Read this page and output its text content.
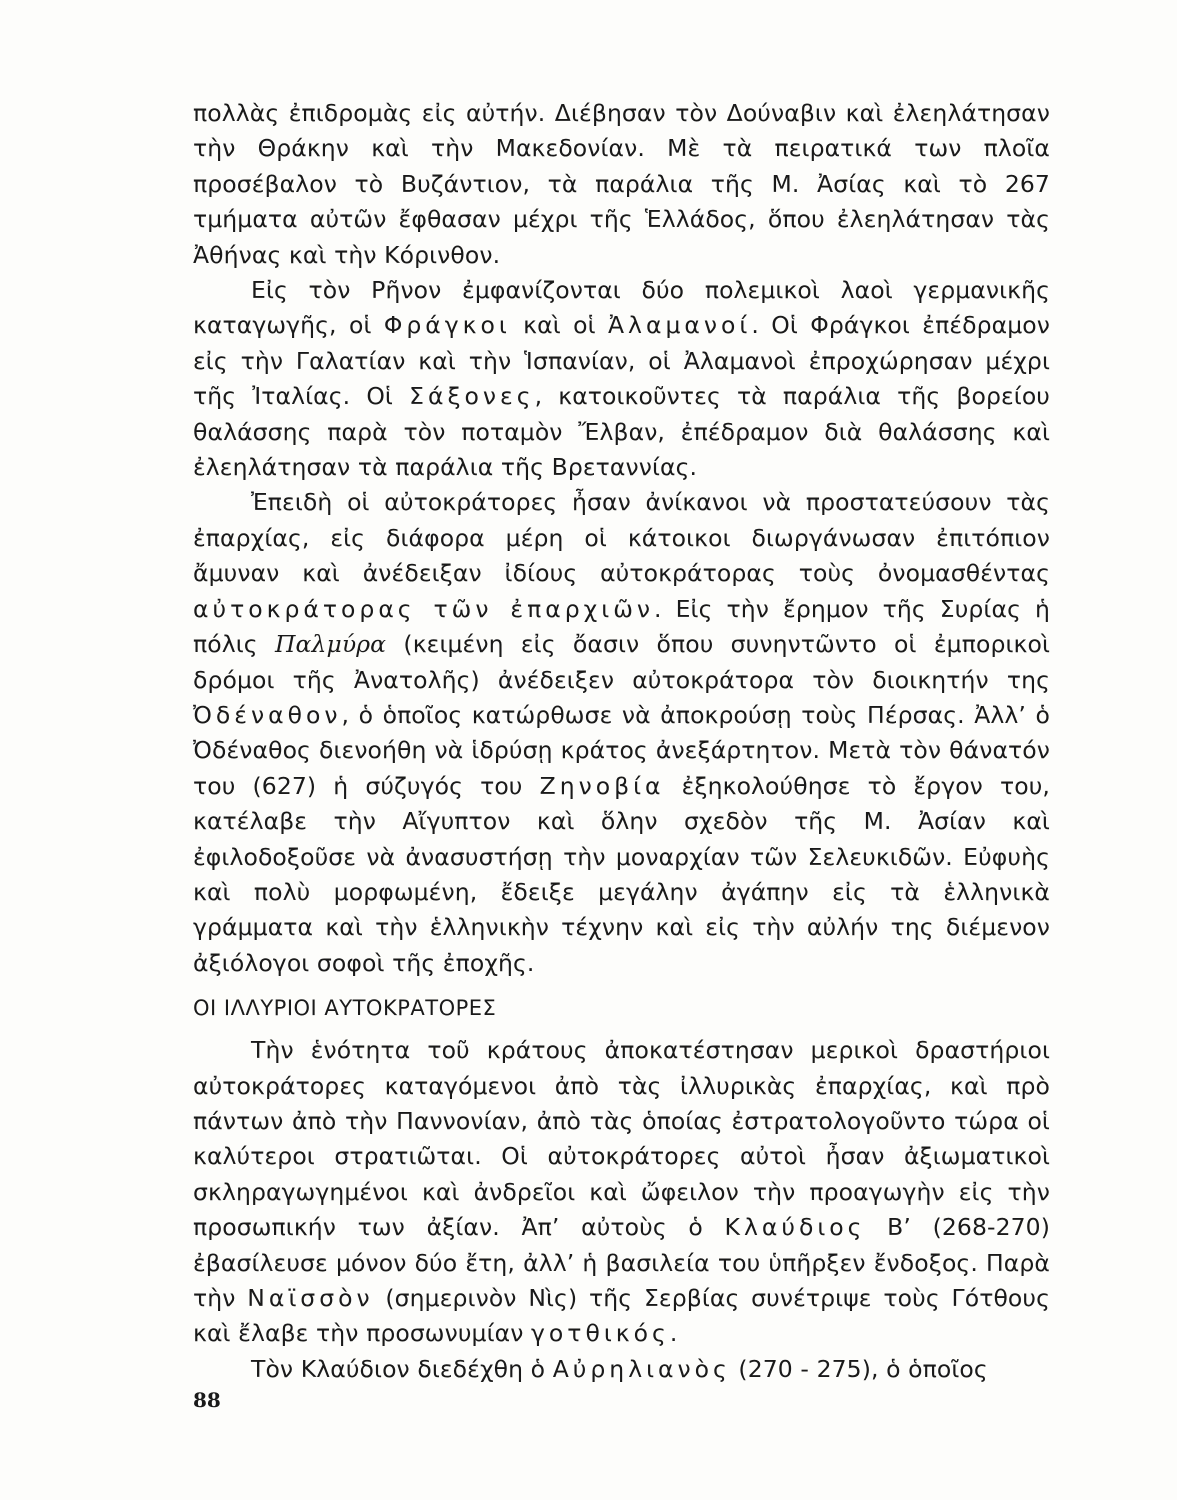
πολλὰς ἐπιδρομὰς εἰς αὐτήν. Διέβησαν τὸν Δούναβιν καὶ ἐλεηλάτησαν τὴν Θράκην καὶ τὴν Μακεδονίαν. Μὲ τὰ πειρατικά των πλοῖα προσέβαλον τὸ Βυζάντιον, τὰ παράλια τῆς Μ. Ἀσίας καὶ τὸ 267 τμήματα αὐτῶν ἔφθασαν μέχρι τῆς Ἑλλάδος, ὅπου ἐλεηλάτησαν τὰς Ἀθήνας καὶ τὴν Κόρινθον.

Εἰς τὸν Ρῆνον ἐμφανίζονται δύο πολεμικοὶ λαοὶ γερμανικῆς καταγωγῆς, οἱ Φράγκοι καὶ οἱ Ἀλαμανοί. Οἱ Φράγκοι ἐπέδραμον εἰς τὴν Γαλατίαν καὶ τὴν Ἱσπανίαν, οἱ Ἀλαμανοὶ ἐπροχώρησαν μέχρι τῆς Ἰταλίας. Οἱ Σάξονες, κατοικοῦντες τὰ παράλια τῆς βορείου θαλάσσης παρὰ τὸν ποταμὸν Ἔλβαν, ἐπέδραμον διὰ θαλάσσης καὶ ἐλεηλάτησαν τὰ παράλια τῆς Βρεταννίας.

Ἐπειδὴ οἱ αὐτοκράτορες ἦσαν ἀνίκανοι νὰ προστατεύσουν τὰς ἐπαρχίας, εἰς διάφορα μέρη οἱ κάτοικοι διωργάνωσαν ἐπιτόπιον ἄμυναν καὶ ἀνέδειξαν ἰδίους αὐτοκράτορας τοὺς ὀνομασθέντας αὐτοκράτορας τῶν ἐπαρχιῶν. Εἰς τὴν ἔρημον τῆς Συρίας ἡ πόλις Παλμύρα (κειμένη εἰς ὄασιν ὅπου συνηντῶντο οἱ ἐμπορικοὶ δρόμοι τῆς Ἀνατολῆς) ἀνέδειξεν αὐτοκράτορα τὸν διοικητήν της Ὀδέναθον, ὁ ὁποῖος κατώρθωσε νὰ ἀποκρούσῃ τοὺς Πέρσας. Ἀλλ’ ὁ Ὀδέναθος διενοήθη νὰ ἱδρύσῃ κράτος ἀνεξάρτητον. Μετὰ τὸν θάνατόν του (627) ἡ σύζυγός του Ζηνοβία ἐξηκολούθησε τὸ ἔργον του, κατέλαβε τὴν Αἴγυπτον καὶ ὅλην σχεδὸν τῆς Μ. Ἀσίαν καὶ ἐφιλοδοξοῦσε νὰ ἀνασυστήσῃ τὴν μοναρχίαν τῶν Σελευκιδῶν. Εὐφυὴς καὶ πολὺ μορφωμένη, ἔδειξε μεγάλην ἀγάπην εἰς τὰ ἑλληνικὰ γράμματα καὶ τὴν ἑλληνικὴν τέχνην καὶ εἰς τὴν αὐλήν της διέμενον ἀξιόλογοι σοφοὶ τῆς ἐποχῆς.

ΟΙ ΙΛΛΥΡΙΟΙ ΑΥΤΟΚΡΑΤΟΡΕΣ

Τὴν ἑνότητα τοῦ κράτους ἀποκατέστησαν μερικοὶ δραστήριοι αὐτοκράτορες καταγόμενοι ἀπὸ τὰς ἰλλυρικὰς ἐπαρχίας, καὶ πρὸ πάντων ἀπὸ τὴν Παννονίαν, ἀπὸ τὰς ὁποίας ἐστρατολογοῦντο τώρα οἱ καλύτεροι στρατιῶται. Οἱ αὐτοκράτορες αὐτοὶ ἦσαν ἀξιωματικοὶ σκληραγωγημένοι καὶ ἀνδρεῖοι καὶ ὤφειλον τὴν προαγωγὴν εἰς τὴν προσωπικήν των ἀξίαν. Ἀπ’ αὐτοὺς ὁ Κλαύδιος Β’ (268-270) ἐβασίλευσε μόνον δύο ἔτη, ἀλλ’ ἡ βασιλεία του ὑπῆρξεν ἔνδοξος. Παρὰ τὴν Ναϊσσὸν (σημερινὸν Νὶς) τῆς Σερβίας συνέτριψε τοὺς Γότθους καὶ ἔλαβε τὴν προσωνυμίαν γοτθικός.

Τὸν Κλαύδιον διεδέχθη ὁ Αὐρηλιανὸς (270 - 275), ὁ ὁποῖος

88
